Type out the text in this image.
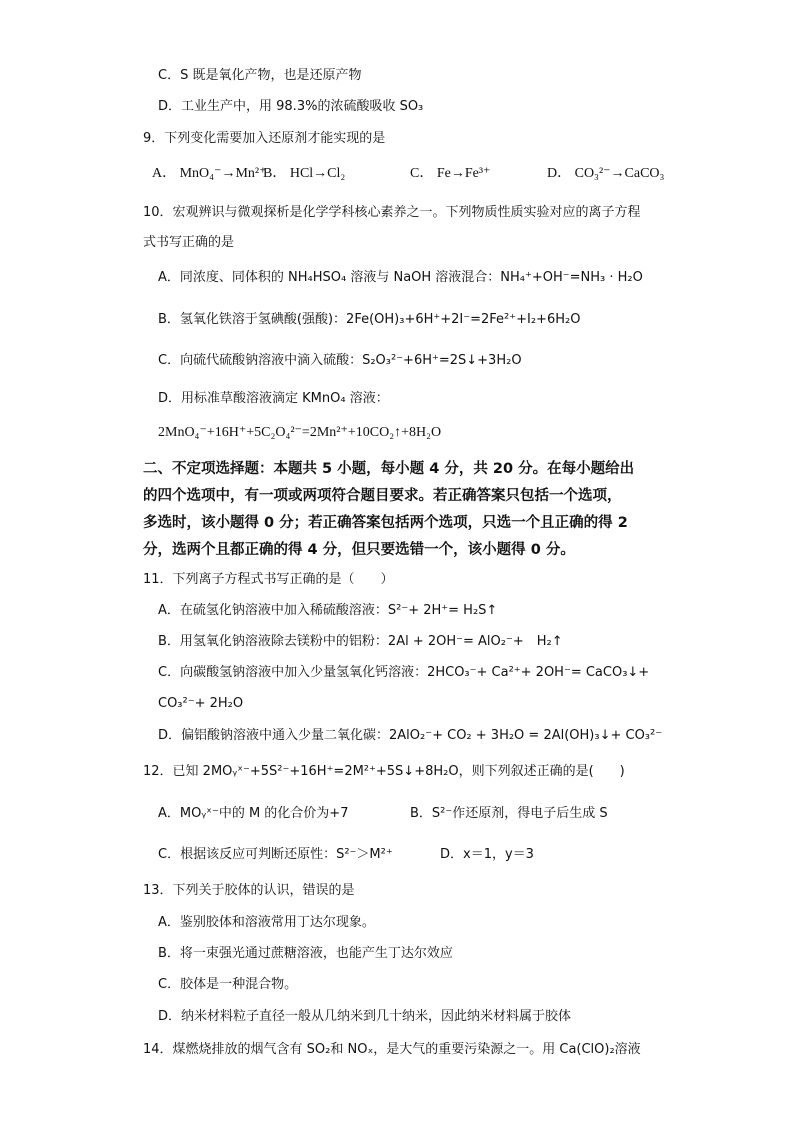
C．S 既是氧化产物，也是还原产物
D．工业生产中，用 98.3%的浓硫酸吸收 SO₃
9．下列变化需要加入还原剂才能实现的是
A． MnO₄⁻→Mn²⁺
B． HCl→Cl₂	C． Fe→Fe³⁺	D． CO₃²⁻→CaCO₃
10．宏观辨识与微观探析是化学学科核心素养之一。下列物质性质实验对应的离子方程
式书写正确的是
A．同浓度、同体积的 NH₄HSO₄ 溶液与 NaOH 溶液混合：NH₄⁺+OH⁻=NH₃ · H₂O
B．氢氧化铁溶于氢碘酸(强酸)：2Fe(OH)₃+6H⁺+2I⁻=2Fe²⁺+I₂+6H₂O
C．向硫代硫酸钠溶液中滴入硫酸：S₂O₃²⁻+6H⁺=2S↓+3H₂O
D．用标准草酸溶液滴定 KMnO₄ 溶液：
2MnO₄⁻+16H⁺+5C₂O₄²⁻=2Mn²⁺+10CO₂↑+8H₂O
二、不定项选择题：本题共 5 小题，每小题 4 分，共 20 分。在每小题给出
的四个选项中，有一项或两项符合题目要求。若正确答案只包括一个选项，
多选时，该小题得 0 分；若正确答案包括两个选项，只选一个且正确的得 2
分，选两个且都正确的得 4 分，但只要选错一个，该小题得 0 分。
11．下列离子方程式书写正确的是（　　）
A．在硫氢化钠溶液中加入稀硫酸溶液：S²⁻+ 2H⁺= H₂S↑
B．用氢氧化钠溶液除去镁粉中的铝粉：2Al + 2OH⁻= AlO₂⁻+　H₂↑
C．向碳酸氢钠溶液中加入少量氢氧化钙溶液：2HCO₃⁻+ Ca²⁺+ 2OH⁻= CaCO₃↓+
CO₃²⁻+ 2H₂O
D．偏铝酸钠溶液中通入少量二氧化碳：2AlO₂⁻+ CO₂ + 3H₂O = 2Al(OH)₃↓+ CO₃²⁻
12．已知 2MOᵧˣ⁻+5S²⁻+16H⁺=2M²⁺+5S↓+8H₂O，则下列叙述正确的是(　　)
A．MOᵧˣ⁻中的 M 的化合价为+7	B．S²⁻作还原剂，得电子后生成 S
C．根据该反应可判断还原性：S²⁻＞M²⁺	D．x＝1，y＝3
13．下列关于胶体的认识，错误的是
A．鉴别胶体和溶液常用丁达尔现象。
B．将一束强光通过蔗糖溶液，也能产生丁达尔效应
C．胶体是一种混合物。
D．纳米材料粒子直径一般从几纳米到几十纳米，因此纳米材料属于胶体
14．煤燃烧排放的烟气含有 SO₂和 NOₓ，是大气的重要污染源之一。用 Ca(ClO)₂溶液
